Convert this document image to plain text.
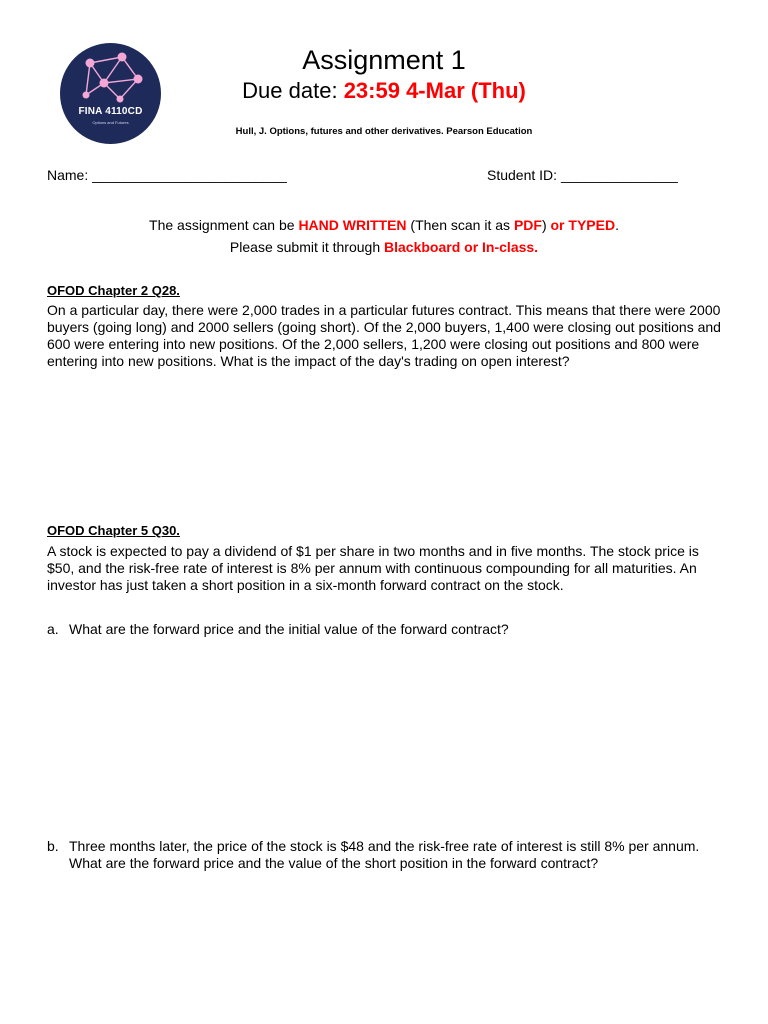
FINA 4110CD
Options and Futures
Assignment 1
Due date: 23:59 4-Mar (Thu)
Hull, J. Options, futures and other derivatives. Pearson Education
Name: _________________________	Student ID: _______________
The assignment can be HAND WRITTEN (Then scan it as PDF) or TYPED.
Please submit it through Blackboard or In-class.
OFOD Chapter 2 Q28.
On a particular day, there were 2,000 trades in a particular futures contract. This means that there were 2000 buyers (going long) and 2000 sellers (going short). Of the 2,000 buyers, 1,400 were closing out positions and 600 were entering into new positions. Of the 2,000 sellers, 1,200 were closing out positions and 800 were entering into new positions. What is the impact of the day's trading on open interest?
OFOD Chapter 5 Q30.
A stock is expected to pay a dividend of $1 per share in two months and in five months. The stock price is $50, and the risk-free rate of interest is 8% per annum with continuous compounding for all maturities. An investor has just taken a short position in a six-month forward contract on the stock.
a. What are the forward price and the initial value of the forward contract?
b. Three months later, the price of the stock is $48 and the risk-free rate of interest is still 8% per annum. What are the forward price and the value of the short position in the forward contract?
